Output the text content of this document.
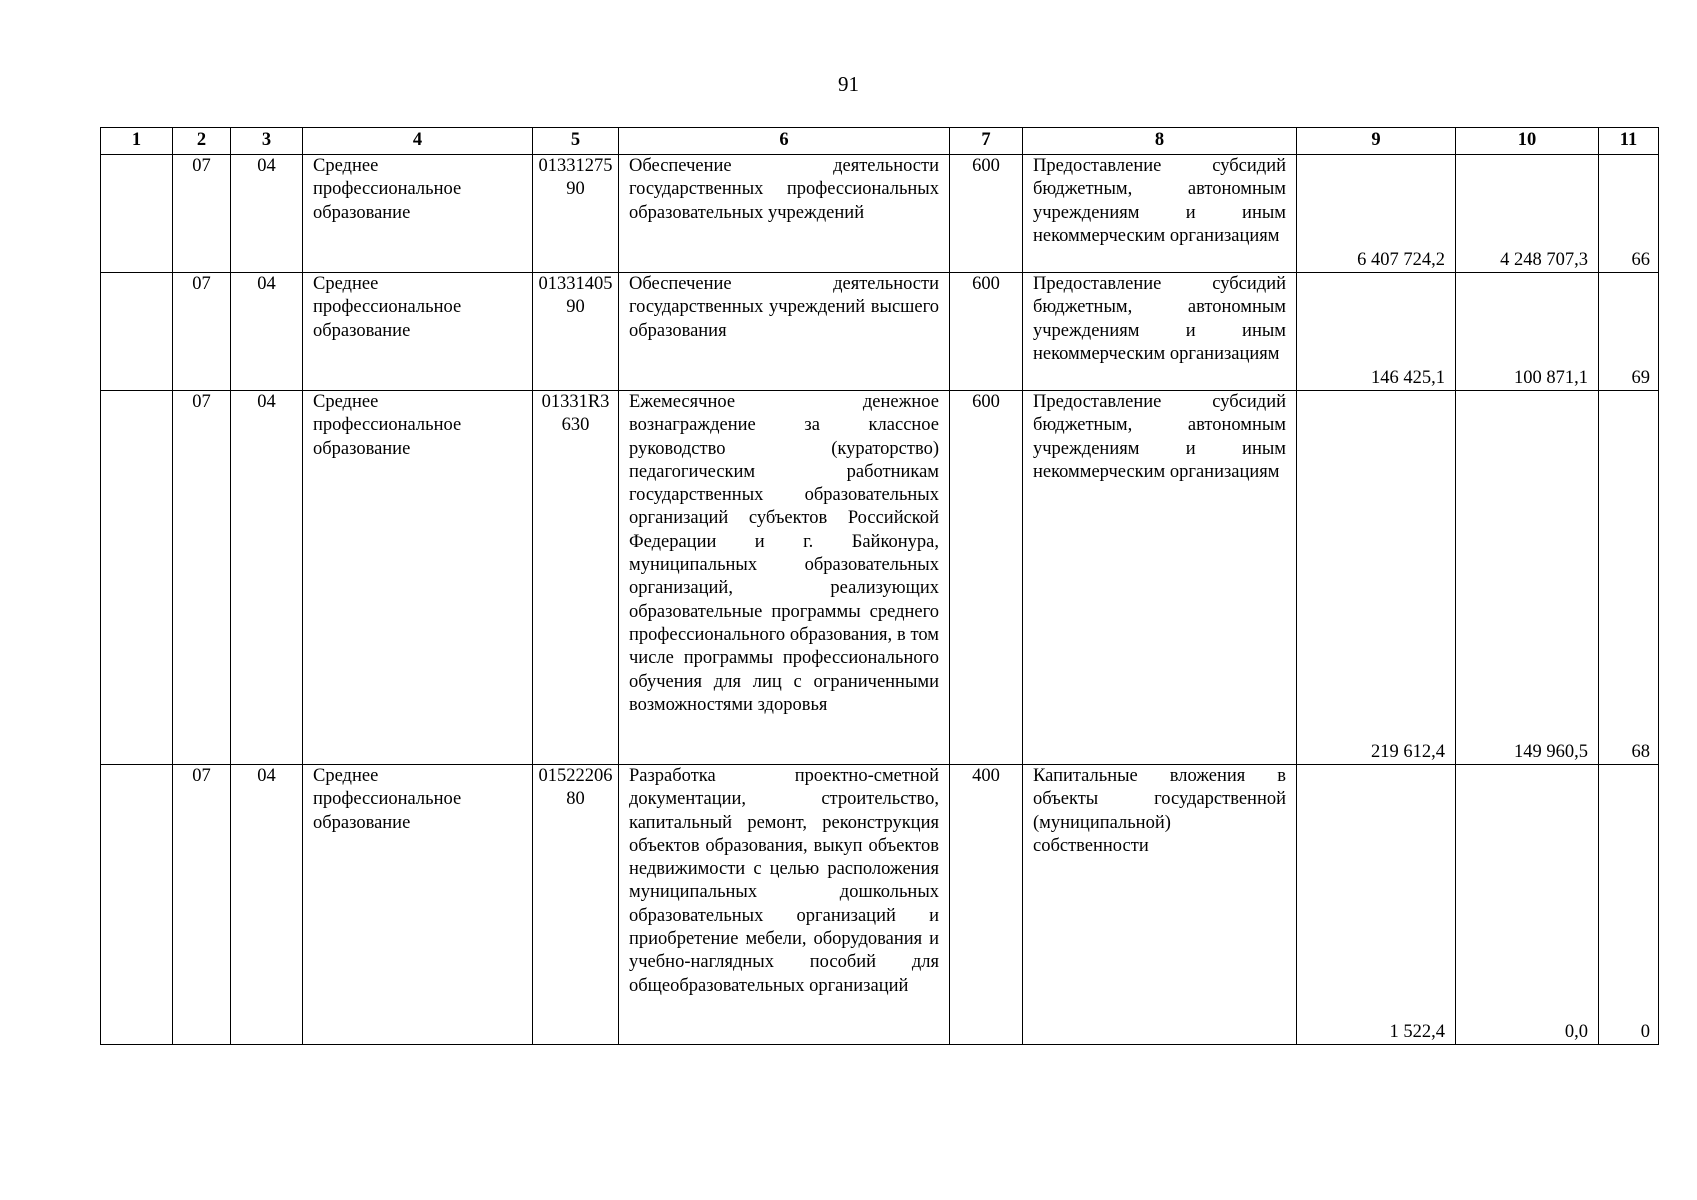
91
1	2	3	4	5	6	7	8	9	10	11
	07	04	Среднее профессиональное образование	0133127590	Обеспечение деятельности государственных профессиональных образовательных учреждений	600	Предоставление субсидий бюджетным, автономным учреждениям и иным некоммерческим организациям	6 407 724,2	4 248 707,3	66
	07	04	Среднее профессиональное образование	0133140590	Обеспечение деятельности государственных учреждений высшего образования	600	Предоставление субсидий бюджетным, автономным учреждениям и иным некоммерческим организациям	146 425,1	100 871,1	69
	07	04	Среднее профессиональное образование	01331R3630	Ежемесячное денежное вознаграждение за классное руководство (кураторство) педагогическим работникам государственных образовательных организаций субъектов Российской Федерации и г. Байконура, муниципальных образовательных организаций, реализующих образовательные программы среднего профессионального образования, в том числе программы профессионального обучения для лиц с ограниченными возможностями здоровья	600	Предоставление субсидий бюджетным, автономным учреждениям и иным некоммерческим организациям	219 612,4	149 960,5	68
	07	04	Среднее профессиональное образование	0152220680	Разработка проектно-сметной документации, строительство, капитальный ремонт, реконструкция объектов образования, выкуп объектов недвижимости с целью расположения муниципальных дошкольных образовательных организаций и приобретение мебели, оборудования и учебно-наглядных пособий для общеобразовательных организаций	400	Капитальные вложения в объекты государственной (муниципальной) собственности	1 522,4	0,0	0
